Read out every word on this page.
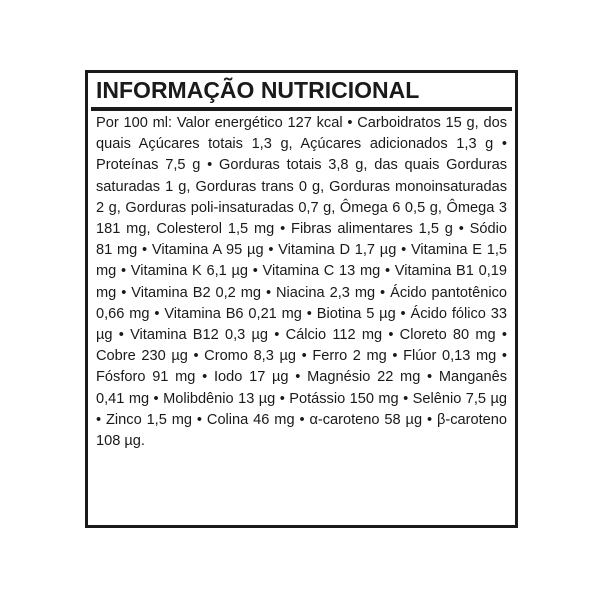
INFORMAÇÃO NUTRICIONAL

Por 100 ml: Valor energético 127 kcal • Carboidratos 15 g, dos quais Açúcares totais 1,3 g, Açúcares adicionados 1,3 g • Proteínas 7,5 g • Gorduras totais 3,8 g, das quais Gorduras saturadas 1 g, Gorduras trans 0 g, Gorduras monoinsaturadas 2 g, Gorduras poli-insaturadas 0,7 g, Ômega 6 0,5 g, Ômega 3 181 mg, Colesterol 1,5 mg • Fibras alimentares 1,5 g • Sódio 81 mg • Vitamina A 95 µg • Vitamina D 1,7 µg • Vitamina E 1,5 mg • Vitamina K 6,1 µg • Vitamina C 13 mg • Vitamina B1 0,19 mg • Vitamina B2 0,2 mg • Niacina 2,3 mg • Ácido pantotênico 0,66 mg • Vitamina B6 0,21 mg • Biotina 5 µg • Ácido fólico 33 µg • Vitamina B12 0,3 µg • Cálcio 112 mg • Cloreto 80 mg • Cobre 230 µg • Cromo 8,3 µg • Ferro 2 mg • Flúor 0,13 mg • Fósforo 91 mg • Iodo 17 µg • Magnésio 22 mg • Manganês 0,41 mg • Molibdênio 13 µg • Potássio 150 mg • Selênio 7,5 µg • Zinco 1,5 mg • Colina 46 mg • α-caroteno 58 µg • β-caroteno 108 µg.
